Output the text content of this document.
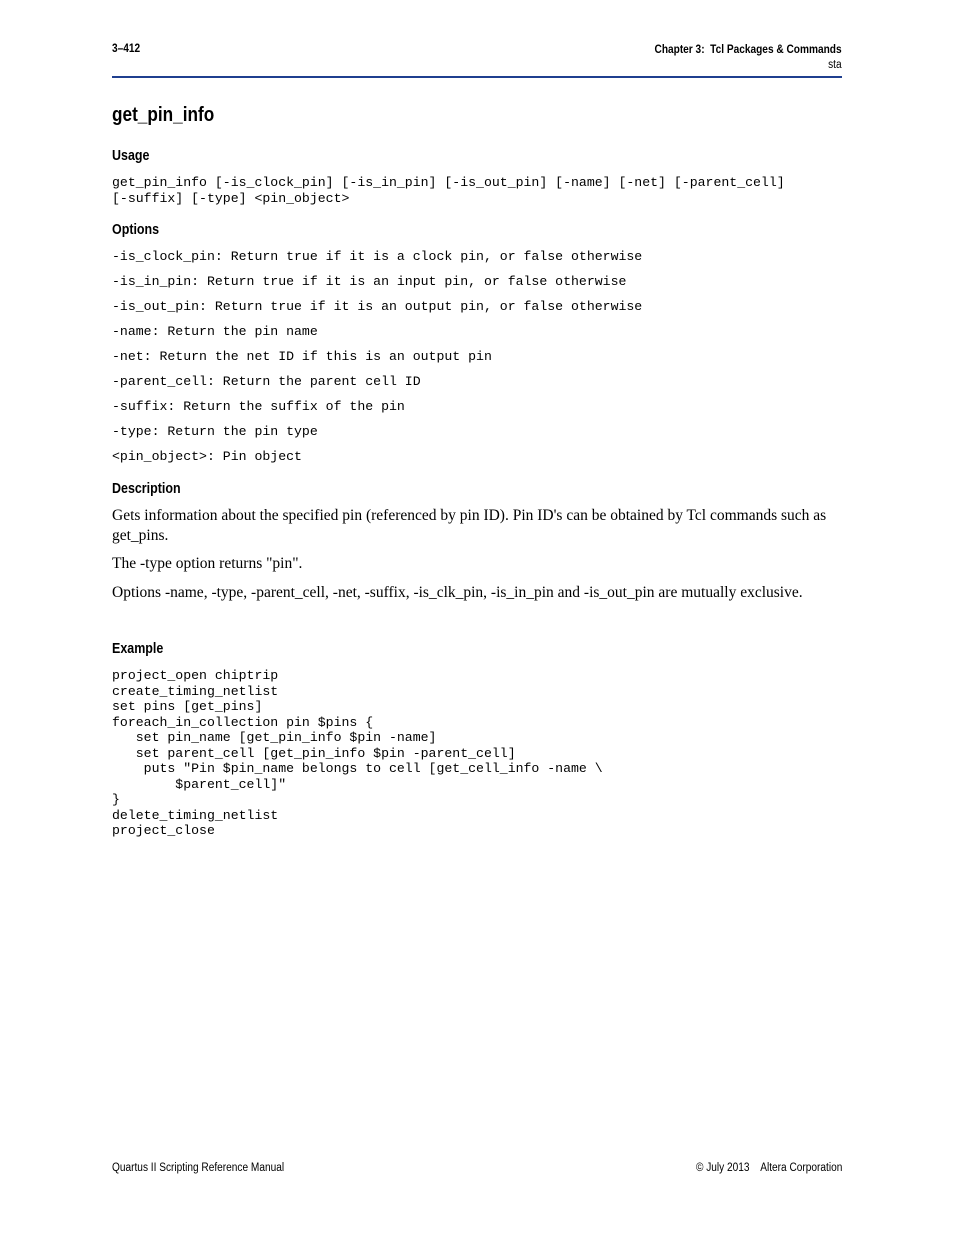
3–412	Chapter 3:  Tcl Packages & Commands
sta
get_pin_info
Usage
get_pin_info [-is_clock_pin] [-is_in_pin] [-is_out_pin] [-name] [-net] [-parent_cell]
[-suffix] [-type] <pin_object>
Options
-is_clock_pin: Return true if it is a clock pin, or false otherwise
-is_in_pin: Return true if it is an input pin, or false otherwise
-is_out_pin: Return true if it is an output pin, or false otherwise
-name: Return the pin name
-net: Return the net ID if this is an output pin
-parent_cell: Return the parent cell ID
-suffix: Return the suffix of the pin
-type: Return the pin type
<pin_object>: Pin object
Description
Gets information about the specified pin (referenced by pin ID). Pin ID's can be obtained by Tcl commands such as get_pins.
The -type option returns "pin".
Options -name, -type, -parent_cell, -net, -suffix, -is_clk_pin, -is_in_pin and -is_out_pin are mutually exclusive.
Example
project_open chiptrip
create_timing_netlist
set pins [get_pins]
foreach_in_collection pin $pins {
set pin_name [get_pin_info $pin -name]
set parent_cell [get_pin_info $pin -parent_cell]
puts "Pin $pin_name belongs to cell [get_cell_info -name \
$parent_cell]"
}
delete_timing_netlist
project_close
Quartus II Scripting Reference Manual	© July 2013    Altera Corporation
